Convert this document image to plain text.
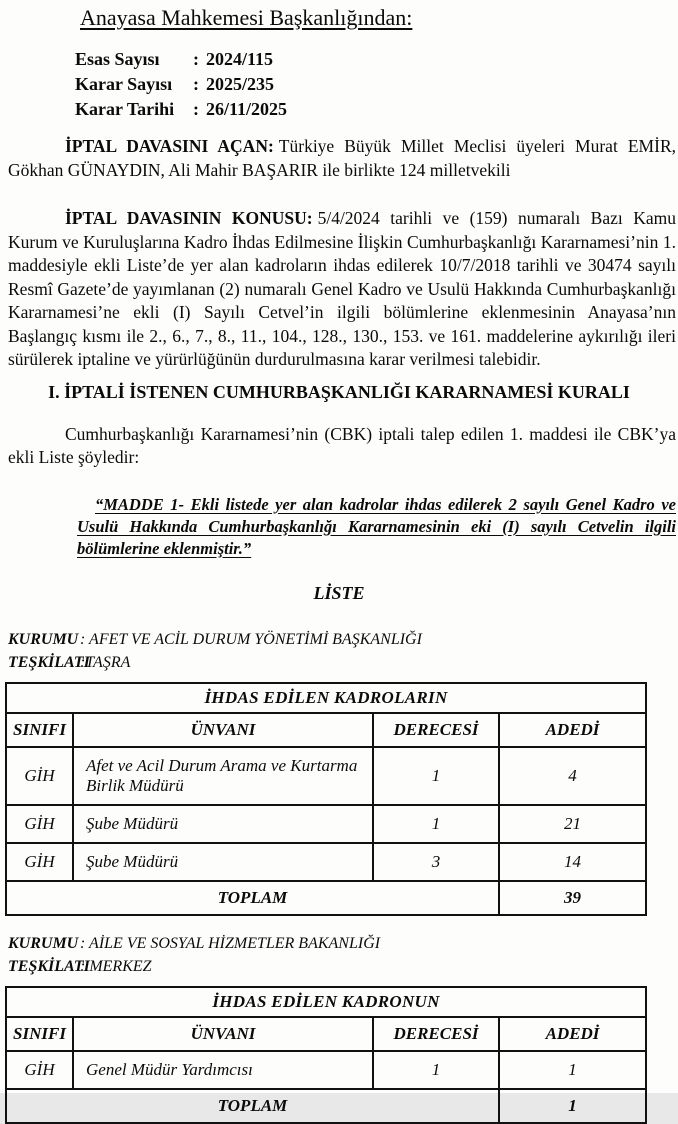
Anayasa Mahkemesi Başkanlığından:
Esas Sayısı : 2024/115
Karar Sayısı : 2025/235
Karar Tarihi : 26/11/2025

İPTAL DAVASINI AÇAN: Türkiye Büyük Millet Meclisi üyeleri Murat EMİR, Gökhan GÜNAYDIN, Ali Mahir BAŞARIR ile birlikte 124 milletvekili

İPTAL DAVASININ KONUSU: 5/4/2024 tarihli ve (159) numaralı Bazı Kamu Kurum ve Kuruluşlarına Kadro İhdas Edilmesine İlişkin Cumhurbaşkanlığı Kararnamesi’nin 1. maddesiyle ekli Liste’de yer alan kadroların ihdas edilerek 10/7/2018 tarihli ve 30474 sayılı Resmî Gazete’de yayımlanan (2) numaralı Genel Kadro ve Usulü Hakkında Cumhurbaşkanlığı Kararnamesi’ne ekli (I) Sayılı Cetvel’in ilgili bölümlerine eklenmesinin Anayasa’nın Başlangıç kısmı ile 2., 6., 7., 8., 11., 104., 128., 130., 153. ve 161. maddelerine aykırılığı ileri sürülerek iptaline ve yürürlüğünün durdurulmasına karar verilmesi talebidir.

I. İPTALİ İSTENEN CUMHURBAŞKANLIĞI KARARNAMESİ KURALI

Cumhurbaşkanlığı Kararnamesi’nin (CBK) iptali talep edilen 1. maddesi ile CBK’ya ekli Liste şöyledir:

“MADDE 1- Ekli listede yer alan kadrolar ihdas edilerek 2 sayılı Genel Kadro ve Usulü Hakkında Cumhurbaşkanlığı Kararnamesinin eki (I) sayılı Cetvelin ilgili bölümlerine eklenmiştir.”
LİSTE
KURUMU : AFET VE ACİL DURUM YÖNETİMİ BAŞKANLIĞI
TEŞKİLATI:TAŞRA
İHDAS EDİLEN KADROLARIN			
SINIFI	ÜNVANI	DERECESİ	ADEDİ
GİH	Afet ve Acil Durum Arama ve Kurtarma Birlik Müdürü	1	4
GİH	Şube Müdürü	1	21
GİH	Şube Müdürü	3	14
TOPLAM			39
KURUMU : AİLE VE SOSYAL HİZMETLER BAKANLIĞI
TEŞKİLATI: MERKEZ
İHDAS EDİLEN KADRONUN			
SINIFI	ÜNVANI	DERECESİ	ADEDİ
GİH	Genel Müdür Yardımcısı	1	1
TOPLAM			1
